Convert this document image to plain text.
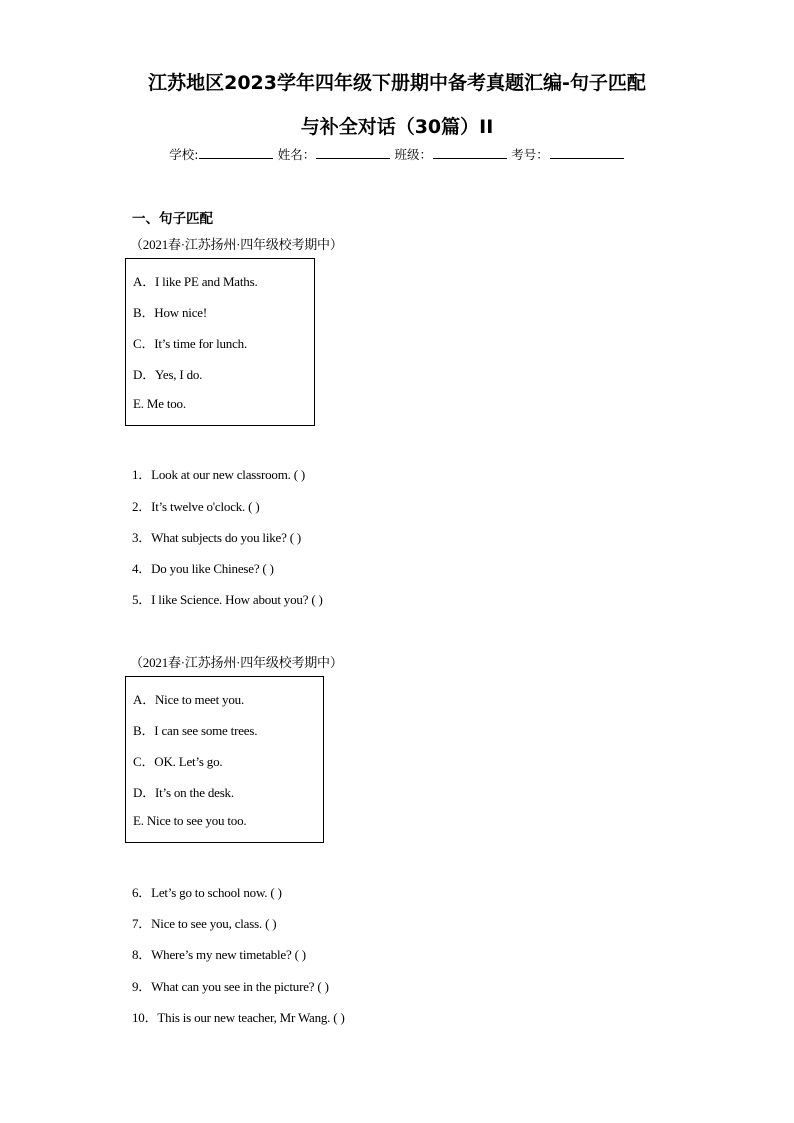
江苏地区2023学年四年级下册期中备考真题汇编-句子匹配
与补全对话（30篇）II
学校:	姓名：	班级：	考号：
一、句子匹配
（2021春·江苏扬州·四年级校考期中）
A．I like PE and Maths.
B．How nice!
C．It’s time for lunch.
D．Yes, I do.
E. Me too.
1．Look at our new classroom. ( )
2．It’s twelve o'clock. ( )
3．What subjects do you like? ( )
4．Do you like Chinese? ( )
5．I like Science. How about you? ( )
（2021春·江苏扬州·四年级校考期中）
A．Nice to meet you.
B．I can see some trees.
C．OK. Let’s go.
D．It’s on the desk.
E. Nice to see you too.
6．Let’s go to school now. ( )
7．Nice to see you, class. ( )
8．Where’s my new timetable? ( )
9．What can you see in the picture? ( )
10．This is our new teacher, Mr Wang. ( )
